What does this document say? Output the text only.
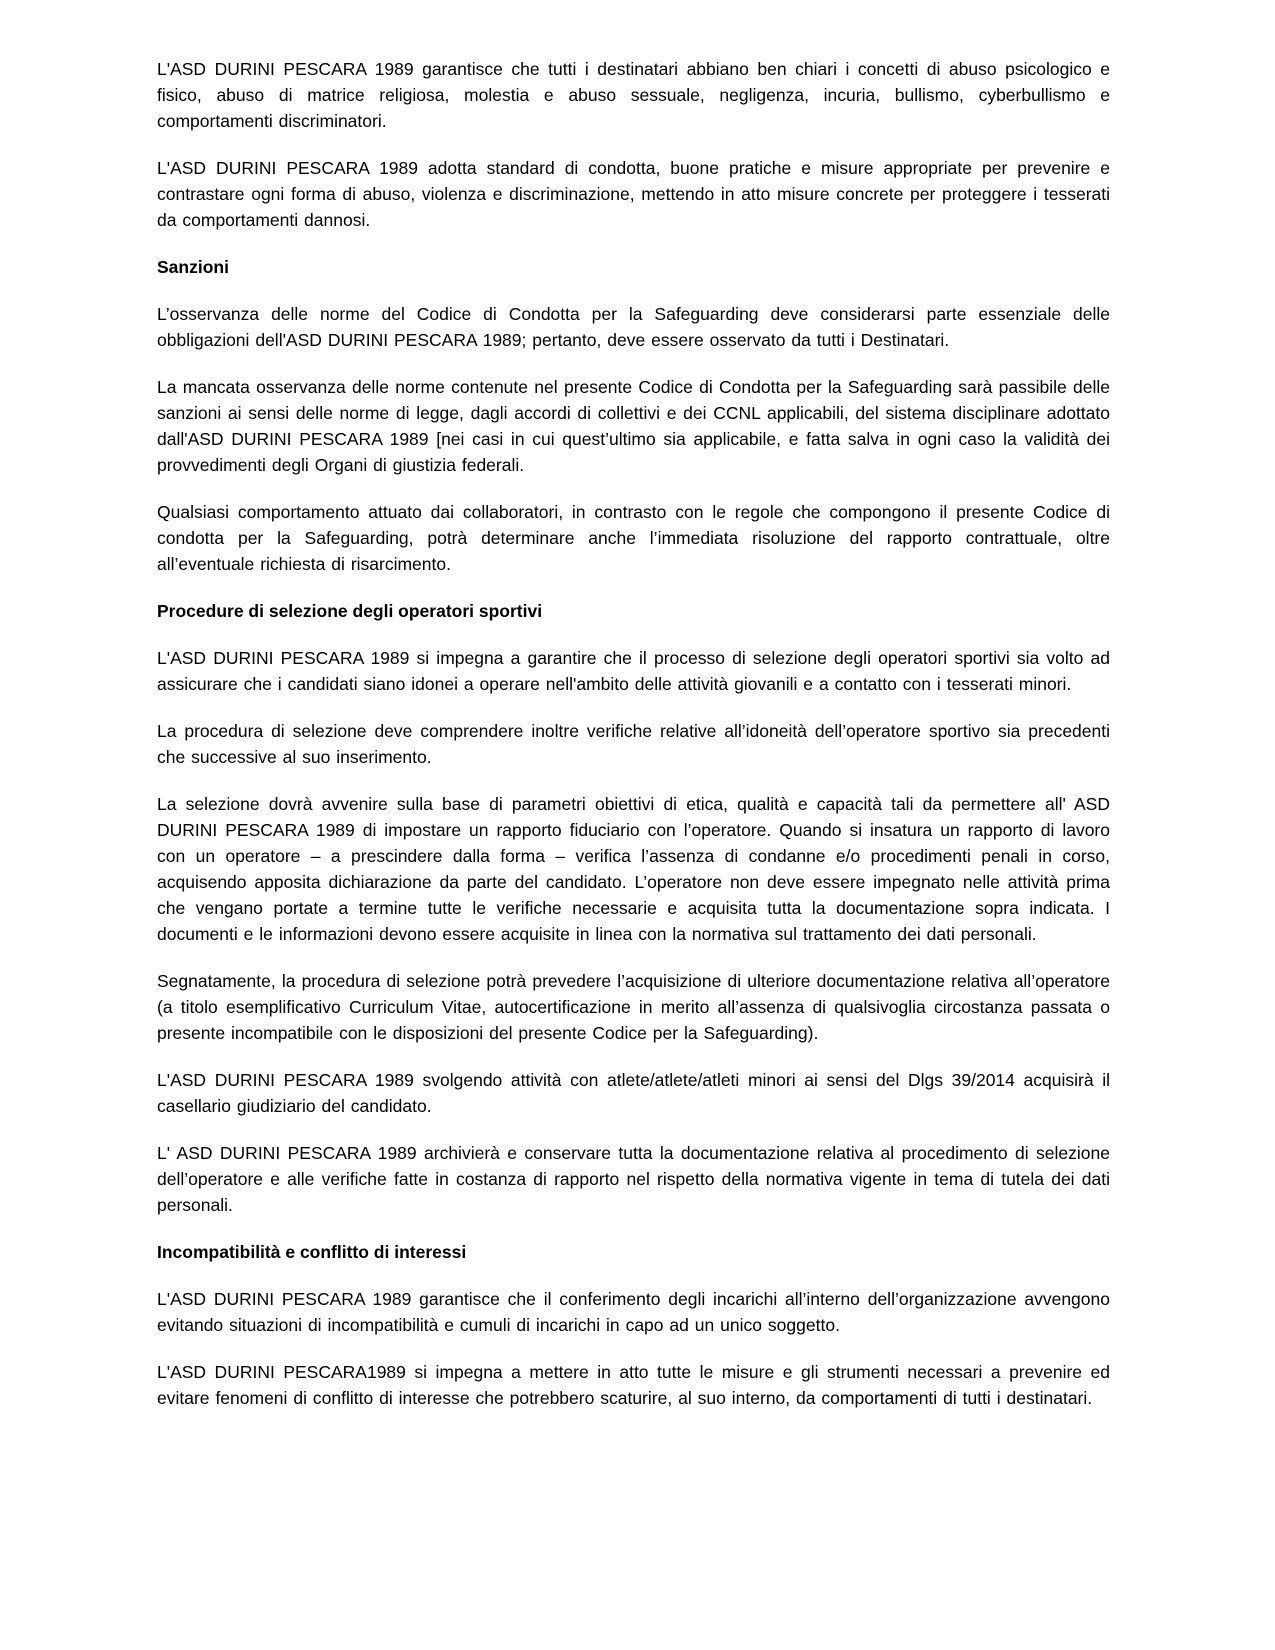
L'ASD DURINI PESCARA 1989 garantisce che tutti i destinatari abbiano ben chiari i concetti di abuso psicologico e fisico, abuso di matrice religiosa, molestia e abuso sessuale, negligenza, incuria, bullismo, cyberbullismo e comportamenti discriminatori.

L'ASD DURINI PESCARA 1989 adotta standard di condotta, buone pratiche e misure appropriate per prevenire e contrastare ogni forma di abuso, violenza e discriminazione, mettendo in atto misure concrete per proteggere i tesserati da comportamenti dannosi.

Sanzioni

L’osservanza delle norme del Codice di Condotta per la Safeguarding deve considerarsi parte essenziale delle obbligazioni dell'ASD DURINI PESCARA 1989; pertanto, deve essere osservato da tutti i Destinatari.

La mancata osservanza delle norme contenute nel presente Codice di Condotta per la Safeguarding sarà passibile delle sanzioni ai sensi delle norme di legge, dagli accordi di collettivi e dei CCNL applicabili, del sistema disciplinare adottato dall'ASD DURINI PESCARA 1989 [nei casi in cui quest’ultimo sia applicabile, e fatta salva in ogni caso la validità dei provvedimenti degli Organi di giustizia federali.

Qualsiasi comportamento attuato dai collaboratori, in contrasto con le regole che compongono il presente Codice di condotta per la Safeguarding, potrà determinare anche l’immediata risoluzione del rapporto contrattuale, oltre all’eventuale richiesta di risarcimento.

Procedure di selezione degli operatori sportivi

L'ASD DURINI PESCARA 1989 si impegna a garantire che il processo di selezione degli operatori sportivi sia volto ad assicurare che i candidati siano idonei a operare nell'ambito delle attività giovanili e a contatto con i tesserati minori.

La procedura di selezione deve comprendere inoltre verifiche relative all’idoneità dell’operatore sportivo sia precedenti che successive al suo inserimento.

La selezione dovrà avvenire sulla base di parametri obiettivi di etica, qualità e capacità tali da permettere all' ASD DURINI PESCARA 1989 di impostare un rapporto fiduciario con l’operatore. Quando si insatura un rapporto di lavoro con un operatore – a prescindere dalla forma – verifica l’assenza di condanne e/o procedimenti penali in corso, acquisendo apposita dichiarazione da parte del candidato. L’operatore non deve essere impegnato nelle attività prima che vengano portate a termine tutte le verifiche necessarie e acquisita tutta la documentazione sopra indicata. I documenti e le informazioni devono essere acquisite in linea con la normativa sul trattamento dei dati personali.

Segnatamente, la procedura di selezione potrà prevedere l’acquisizione di ulteriore documentazione relativa all’operatore (a titolo esemplificativo Curriculum Vitae, autocertificazione in merito all’assenza di qualsivoglia circostanza passata o presente incompatibile con le disposizioni del presente Codice per la Safeguarding).

L'ASD DURINI PESCARA 1989 svolgendo attività con atlete/atlete/atleti minori ai sensi del Dlgs 39/2014 acquisirà il casellario giudiziario del candidato.

L' ASD DURINI PESCARA 1989 archivierà e conservare tutta la documentazione relativa al procedimento di selezione dell’operatore e alle verifiche fatte in costanza di rapporto nel rispetto della normativa vigente in tema di tutela dei dati personali.

Incompatibilità e conflitto di interessi

L'ASD DURINI PESCARA 1989 garantisce che il conferimento degli incarichi all’interno dell’organizzazione avvengono evitando situazioni di incompatibilità e cumuli di incarichi in capo ad un unico soggetto.

L'ASD DURINI PESCARA1989 si impegna a mettere in atto tutte le misure e gli strumenti necessari a prevenire ed evitare fenomeni di conflitto di interesse che potrebbero scaturire, al suo interno, da comportamenti di tutti i destinatari.
